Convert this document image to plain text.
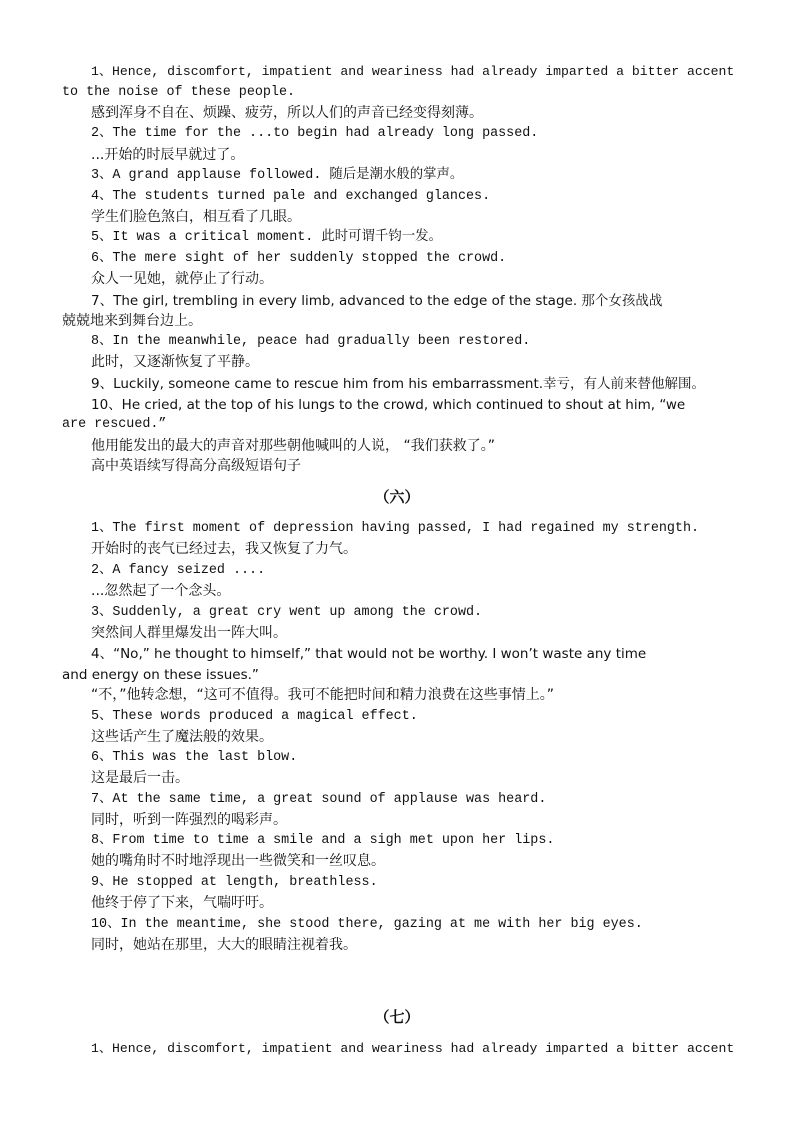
1、Hence, discomfort, impatient and weariness had already imparted a bitter accent
to the noise of these people.
感到浑身不自在、烦躁、疲劳，所以人们的声音已经变得刻薄。
2、The time for the ...to begin had already long passed.
...开始的时辰早就过了。
3、A grand applause followed. 随后是潮水般的掌声。
4、The students turned pale and exchanged glances.
学生们脸色煞白，相互看了几眼。
5、It was a critical moment. 此时可谓千钧一发。
6、The mere sight of her suddenly stopped the crowd.
众人一见她，就停止了行动。
7、The girl, trembling in every limb, advanced to the edge of the stage. 那个女孩战战
兢兢地来到舞台边上。
8、In the meanwhile, peace had gradually been restored.
此时，又逐渐恢复了平静。
9、Luckily, someone came to rescue him from his embarrassment.幸亏，有人前来替他解围。
10、He cried, at the top of his lungs to the crowd, which continued to shout at him, “we
are rescued.”
他用能发出的最大的声音对那些朝他喊叫的人说， “我们获救了。”
高中英语续写得高分高级短语句子
（六）
1、The first moment of depression having passed, I had regained my strength.
开始时的丧气已经过去，我又恢复了力气。
2、A fancy seized ....
...忽然起了一个念头。
3、Suddenly, a great cry went up among the crowd.
突然间人群里爆发出一阵大叫。
4、“No,” he thought to himself,” that would not be worthy. I won’t waste any time
and energy on these issues.”
“不，”他转念想，“这可不值得。我可不能把时间和精力浪费在这些事情上。”
5、These words produced a magical effect.
这些话产生了魔法般的效果。
6、This was the last blow.
这是最后一击。
7、At the same time, a great sound of applause was heard.
同时，听到一阵强烈的喝彩声。
8、From time to time a smile and a sigh met upon her lips.
她的嘴角时不时地浮现出一些微笑和一丝叹息。
9、He stopped at length, breathless.
他终于停了下来，气喘吁吁。
10、In the meantime, she stood there, gazing at me with her big eyes.
同时，她站在那里，大大的眼睛注视着我。
（七）
1、Hence, discomfort, impatient and weariness had already imparted a bitter accent
